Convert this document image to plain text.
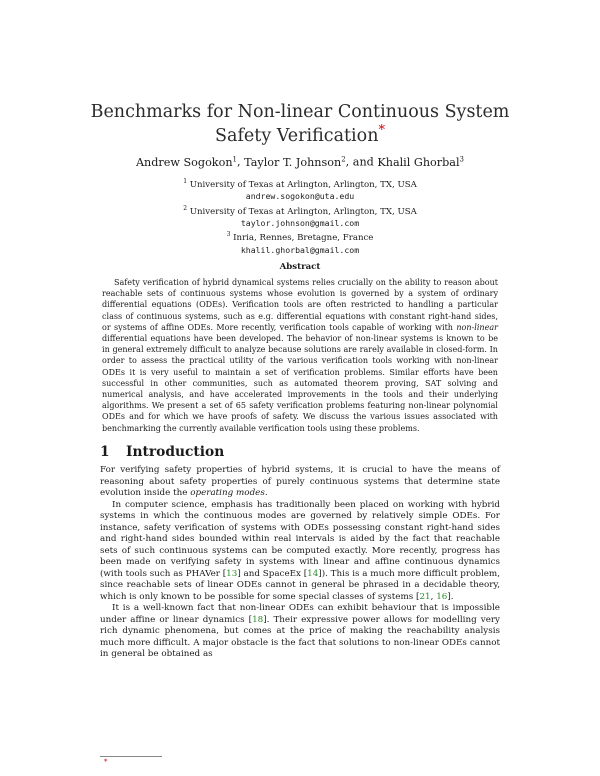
Benchmarks for Non-linear Continuous System Safety Verification*
Andrew Sogokon$^1$, Taylor T. Johnson$^2$, and Khalil Ghorbal$^3$
$^1$ University of Texas at Arlington, Arlington, TX, USA
andrew.sogokon@uta.edu
$^2$ University of Texas at Arlington, Arlington, TX, USA
taylor.johnson@gmail.com
$^3$ Inria, Rennes, Bretagne, France
khalil.ghorbal@gmail.com
Abstract
Safety verification of hybrid dynamical systems relies crucially on the ability to reason about reachable sets of continuous systems whose evolution is governed by a system of ordinary differential equations (ODEs). Verification tools are often restricted to handling a particular class of continuous systems, such as e.g. differential equations with constant right-hand sides, or systems of affine ODEs. More recently, verification tools capable of working with non-linear differential equations have been developed. The behavior of non-linear systems is known to be in general extremely difficult to analyze because solutions are rarely available in closed-form. In order to assess the practical utility of the various verification tools working with non-linear ODEs it is very useful to maintain a set of verification problems. Similar efforts have been successful in other communities, such as automated theorem proving, SAT solving and numerical analysis, and have accelerated improvements in the tools and their underlying algorithms. We present a set of 65 safety verification problems featuring non-linear polynomial ODEs and for which we have proofs of safety. We discuss the various issues associated with benchmarking the currently available verification tools using these problems.
1 Introduction

For verifying safety properties of hybrid systems, it is crucial to have the means of reasoning about safety properties of purely continuous systems that determine state evolution inside the operating modes.

In computer science, emphasis has traditionally been placed on working with hybrid systems in which the continuous modes are governed by relatively simple ODEs. For instance, safety verification of systems with ODEs possessing constant right-hand sides and right-hand sides bounded within real intervals is aided by the fact that reachable sets of such continuous systems can be computed exactly. More recently, progress has been made on verifying safety in systems with linear and affine continuous dynamics (with tools such as PHAVer [13] and SpaceEx [14]). This is a much more difficult problem, since reachable sets of linear ODEs cannot in general be phrased in a decidable theory, which is only known to be possible for some special classes of systems [21, 16].

It is a well-known fact that non-linear ODEs can exhibit behaviour that is impossible under affine or linear dynamics [18]. Their expressive power allows for modelling very rich dynamic phenomena, but comes at the price of making the reachability analysis much more difficult. A major obstacle is the fact that solutions to non-linear ODEs cannot in general be obtained as

*
